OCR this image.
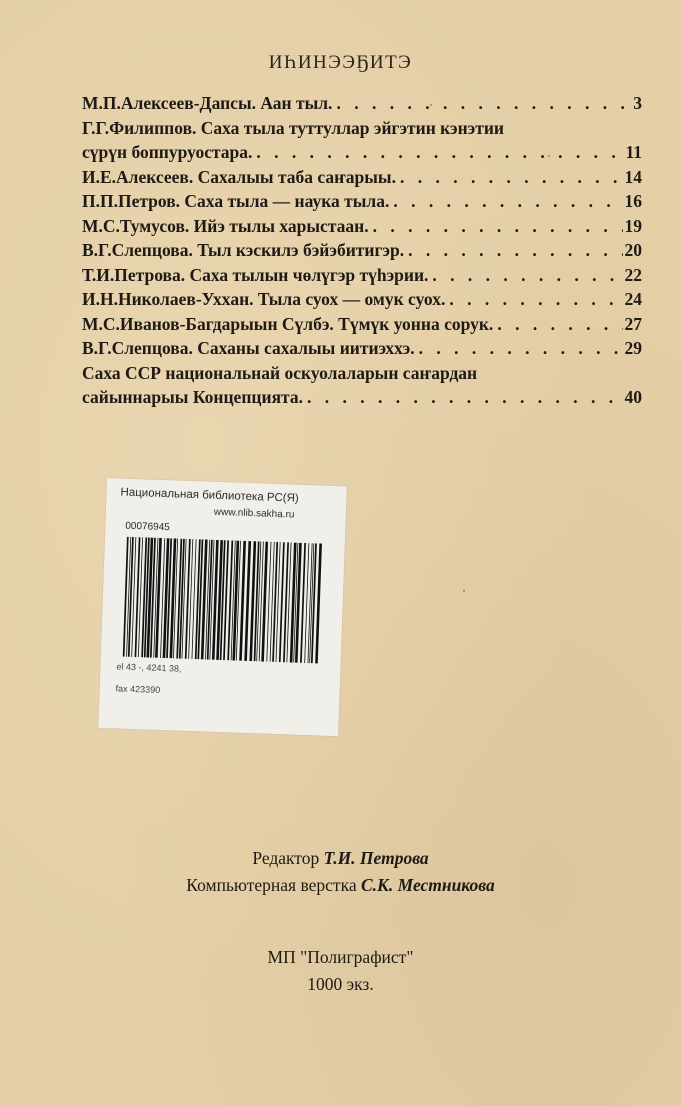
ИҺИНЭЭҔИТЭ
М.П.Алексеев-Дапсы. Аан тыл. . . .	3
Г.Г.Филиппов. Саха тыла туттуллар эйгэтин кэнэтии
сүрүн боппуруостара. . . .	11
И.Е.Алексеев. Сахалыы таба саҥарыы. . . .	14
П.П.Петров. Саха тыла — наука тыла. . . .	16
М.С.Тумусов. Ийэ тылы харыстаан. . . .	19
В.Г.Слепцова. Тыл кэскилэ бэйэбитигэр. . . .	20
Т.И.Петрова. Саха тылын чөлүгэр түһэрии. . . .	22
И.Н.Николаев-Уххан. Тыла суох — омук суох. . . .	24
М.С.Иванов-Багдарыын Сүлбэ. Түмүк уонна сорук. . . .	27
В.Г.Слепцова. Саханы сахалыы иитиэххэ. . . .	29
Саха ССР национальнай оскуолаларын саҥардан
сайыннарыы Концепцията. . . .	40
Национальная библиотека РС(Я)
www.nlib.sakha.ru
00076945
el 43 -, 4241 38,
fax 423390
Редактор Т.И. Петрова
Компьютерная верстка С.К. Местникова
МП "Полиграфист"
1000 экз.
